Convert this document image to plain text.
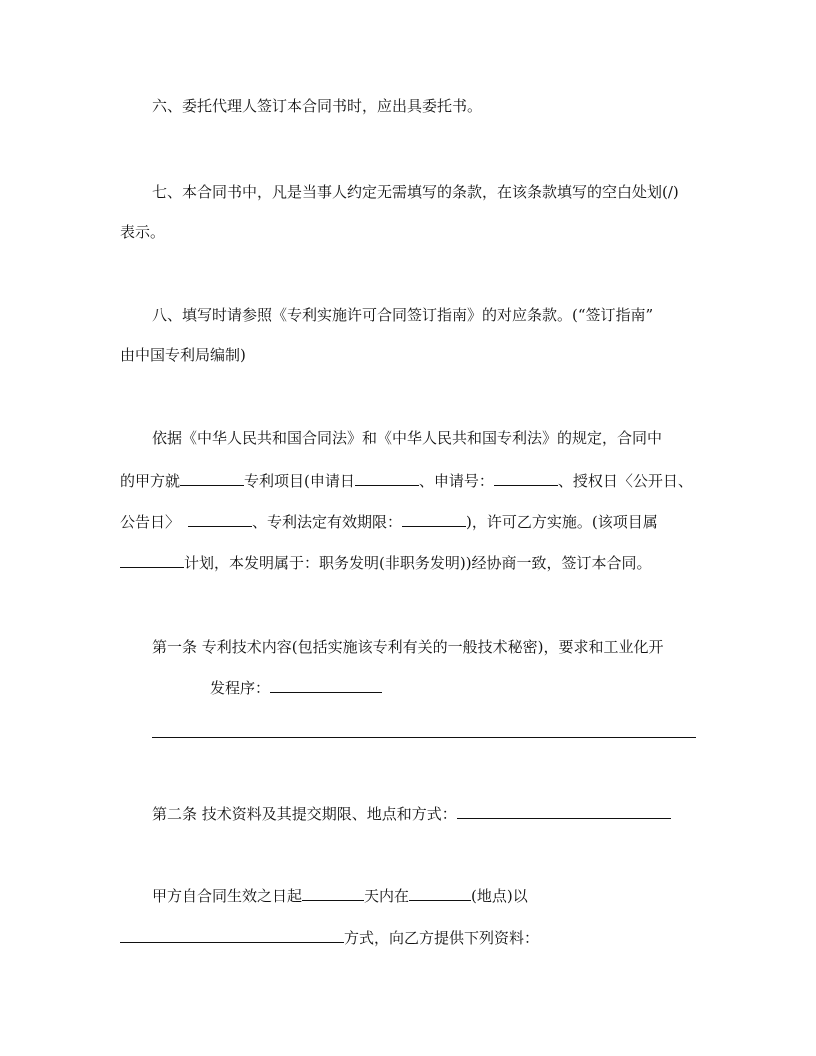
六、委托代理人签订本合同书时，应出具委托书。
七、本合同书中，凡是当事人约定无需填写的条款，在该条款填写的空白处划(/)
表示。
八、填写时请参照《专利实施许可合同签订指南》的对应条款。(“签订指南”
由中国专利局编制)
依据《中华人民共和国合同法》和《中华人民共和国专利法》的规定，合同中
的甲方就	专利项目(申请日	、申请号：	、授权日〈公开日、
公告日〉	、专利法定有效期限：	)，许可乙方实施。(该项目属
计划，本发明属于：职务发明(非职务发明))经协商一致，签订本合同。
第一条 专利技术内容(包括实施该专利有关的一般技术秘密)，要求和工业化开
发程序：
第二条 技术资料及其提交期限、地点和方式：
甲方自合同生效之日起	天内在	(地点)以
方式，向乙方提供下列资料：
